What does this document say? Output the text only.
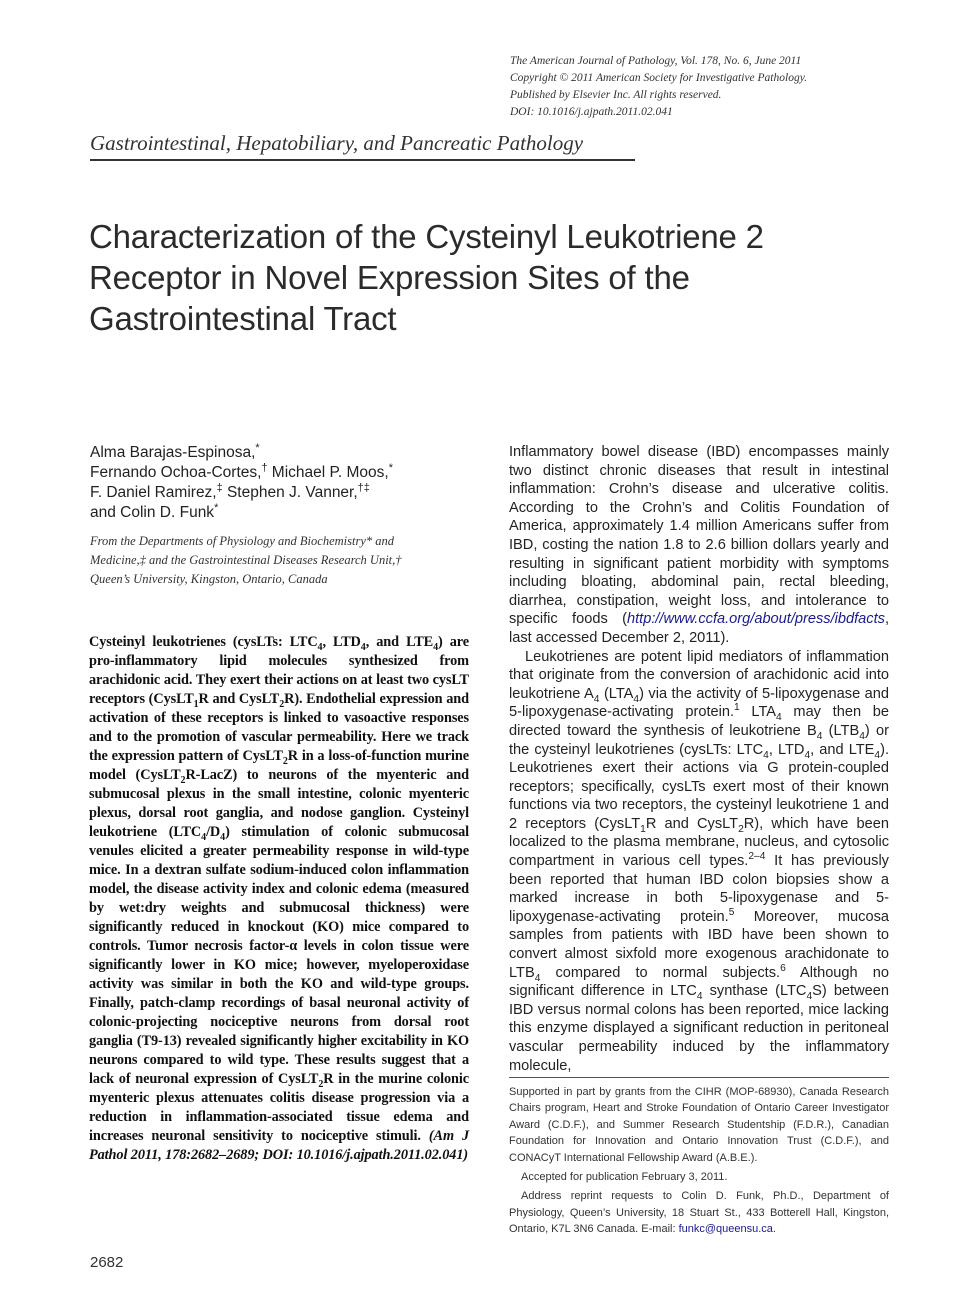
The American Journal of Pathology, Vol. 178, No. 6, June 2011
Copyright © 2011 American Society for Investigative Pathology.
Published by Elsevier Inc. All rights reserved.
DOI: 10.1016/j.ajpath.2011.02.041
Gastrointestinal, Hepatobiliary, and Pancreatic Pathology
Characterization of the Cysteinyl Leukotriene 2
Receptor in Novel Expression Sites of the
Gastrointestinal Tract
Alma Barajas-Espinosa,*
Fernando Ochoa-Cortes,† Michael P. Moos,*
F. Daniel Ramirez,‡ Stephen J. Vanner,†‡
and Colin D. Funk*
From the Departments of Physiology and Biochemistry* and
Medicine,‡ and the Gastrointestinal Diseases Research Unit,†
Queen’s University, Kingston, Ontario, Canada
Cysteinyl leukotrienes (cysLTs: $LTC_4$, $LTD_4$, and $LTE_4$) are pro-inflammatory lipid molecules synthesized from arachidonic acid. They exert their actions on at least two cysLT receptors (CysLT$_1$R and CysLT$_2$R). Endothelial expression and activation of these receptors is linked to vasoactive responses and to the promotion of vascular permeability. Here we track the expression pattern of CysLT$_2$R in a loss-of-function murine model (CysLT$_2$R-LacZ) to neurons of the myenteric and submucosal plexus in the small intestine, colonic myenteric plexus, dorsal root ganglia, and nodose ganglion. Cysteinyl leukotriene $(LTC_4/D_4)$ stimulation of colonic submucosal venules elicited a greater permeability response in wild-type mice. In a dextran sulfate sodium-induced colon inflammation model, the disease activity index and colonic edema (measured by wet:dry weights and submucosal thickness) were significantly reduced in knockout (KO) mice compared to controls. Tumor necrosis factor-α levels in colon tissue were significantly lower in KO mice; however, myeloperoxidase activity was similar in both the KO and wild-type groups. Finally, patch-clamp recordings of basal neuronal activity of colonic-projecting nociceptive neurons from dorsal root ganglia (T9-13) revealed significantly higher excitability in KO neurons compared to wild type. These results suggest that a lack of neuronal expression of CysLT$_2$R in the murine colonic myenteric plexus attenuates colitis disease progression via a reduction in inflammation-associated tissue edema and increases neuronal sensitivity to nociceptive stimuli. (Am J Pathol 2011, 178:2682–2689; DOI: 10.1016/j.ajpath.2011.02.041)

Inflammatory bowel disease (IBD) encompasses mainly two distinct chronic diseases that result in intestinal inflammation: Crohn’s disease and ulcerative colitis. According to the Crohn’s and Colitis Foundation of America, approximately 1.4 million Americans suffer from IBD, costing the nation 1.8 to 2.6 billion dollars yearly and resulting in significant patient morbidity with symptoms including bloating, abdominal pain, rectal bleeding, diarrhea, constipation, weight loss, and intolerance to specific foods (http://www.ccfa.org/about/press/ibdfacts, last accessed December 2, 2011).

Leukotrienes are potent lipid mediators of inflammation that originate from the conversion of arachidonic acid into leukotriene $A_4$ $(LTA_4)$ via the activity of 5-lipoxygenase and 5-lipoxygenase-activating protein.$^1$ $LTA_4$ may then be directed toward the synthesis of leukotriene $B_4$ $(LTB_4)$ or the cysteinyl leukotrienes (cysLTs: $LTC_4$, $LTD_4$, and $LTE_4$). Leukotrienes exert their actions via G protein-coupled receptors; specifically, cysLTs exert most of their known functions via two receptors, the cysteinyl leukotriene 1 and 2 receptors (CysLT$_1$R and CysLT$_2$R), which have been localized to the plasma membrane, nucleus, and cytosolic compartment in various cell types.$^{2-4}$ It has previously been reported that human IBD colon biopsies show a marked increase in both 5-lipoxygenase and 5-lipoxygenase-activating protein.$^5$ Moreover, mucosa samples from patients with IBD have been shown to convert almost sixfold more exogenous arachidonate to $LTB_4$ compared to normal subjects.$^6$ Although no significant difference in $LTC_4$ synthase $(LTC_4S)$ between IBD versus normal colons has been reported, mice lacking this enzyme displayed a significant reduction in peritoneal vascular permeability induced by the inflammatory molecule,

Supported in part by grants from the CIHR (MOP-68930), Canada Research Chairs program, Heart and Stroke Foundation of Ontario Career Investigator Award (C.D.F.), and Summer Research Studentship (F.D.R.), Canadian Foundation for Innovation and Ontario Innovation Trust (C.D.F.), and CONACyT International Fellowship Award (A.B.E.).

Accepted for publication February 3, 2011.

Address reprint requests to Colin D. Funk, Ph.D., Department of Physiology, Queen’s University, 18 Stuart St., 433 Botterell Hall, Kingston, Ontario, K7L 3N6 Canada. E-mail: funkc@queensu.ca.

2682
